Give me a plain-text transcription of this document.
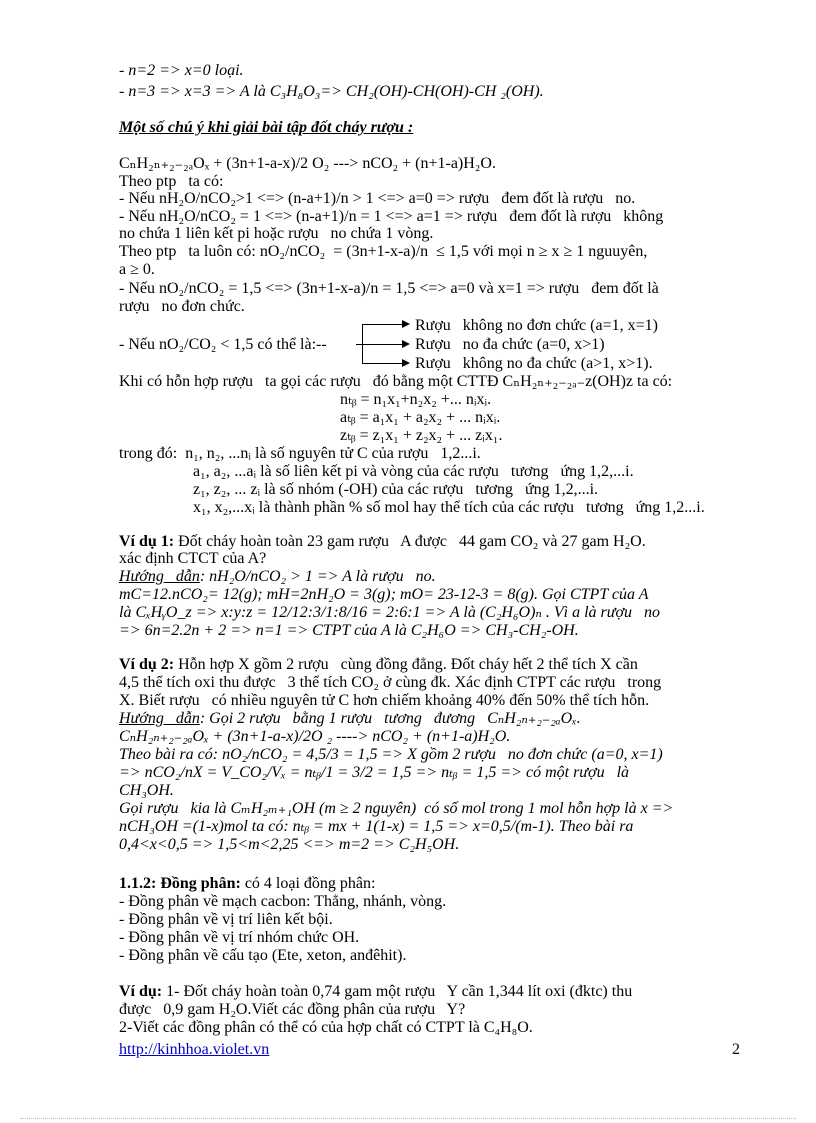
- n=2 => x=0 loại.
- n=3 => x=3 => A là C₃H₈O₃=> CH₂(OH)-CH(OH)-CH ₂(OH).
Một số chú ý khi giải bài tập đốt cháy rượu :
CₙH₂ₙ₊₂₋₂ₐOₓ + (3n+1-a-x)/2 O₂ ---> nCO₂ + (n+1-a)H₂O.
Theo ptp   ta có:
- Nếu nH₂O/nCO₂>1 <=> (n-a+1)/n > 1 <=> a=0 => rượu   đem đốt là rượu   no.
- Nếu nH₂O/nCO₂ = 1 <=> (n-a+1)/n = 1 <=> a=1 => rượu   đem đốt là rượu   không
no chứa 1 liên kết pi hoặc rượu   no chứa 1 vòng.
Theo ptp   ta luôn có: nO₂/nCO₂  = (3n+1-x-a)/n  ≤ 1,5 với mọi n ≥ x ≥ 1 nguuyên,
a ≥ 0.
- Nếu nO₂/nCO₂ = 1,5 <=> (3n+1-x-a)/n = 1,5 <=> a=0 và x=1 => rượu   đem đốt là
rượu   no đơn chức.
Rượu   không no đơn chức (a=1, x=1)
- Nếu nO₂/CO₂ < 1,5 có thể là:--	Rượu   no đa chức (a=0, x>1)
Rượu   không no đa chức (a>1, x>1).
Khi có hỗn hợp rượu   ta gọi các rượu   đó bằng một CTTĐ CₙH₂ₙ₊₂₋₂ₐ₋z(OH)z ta có:
nₜᵦ = n₁x₁+n₂x₂ +... nᵢxᵢ.
aₜᵦ = a₁x₁ + a₂x₂ + ... nᵢxᵢ.
zₜᵦ = z₁x₁ + z₂x₂ + ... zᵢx₁.
trong đó:  n₁, n₂, ...nᵢ là số nguyên tử C của rượu   1,2...i.
a₁, a₂, ...aᵢ là số liên kết pi và vòng của các rượu   tương   ứng 1,2,...i.
z₁, z₂, ... zᵢ là số nhóm (-OH) của các rượu   tương   ứng 1,2,...i.
x₁, x₂,...xᵢ là thành phần % số mol hay thể tích của các rượu   tương   ứng 1,2...i.
Ví dụ 1: Đốt cháy hoàn toàn 23 gam rượu   A được   44 gam CO₂ và 27 gam H₂O.
xác định CTCT của A?
Hướng   dẫn: nH₂O/nCO₂ > 1 => A là rượu   no.
mC=12.nCO₂= 12(g); mH=2nH₂O = 3(g); mO= 23-12-3 = 8(g). Gọi CTPT của A
là CₓHᵧO_z => x:y:z = 12/12:3/1:8/16 = 2:6:1 => A là (C₂H₆O)ₙ . Vì a là rượu   no
=> 6n=2.2n + 2 => n=1 => CTPT của A là C₂H₆O => CH₃-CH₂-OH.
Ví dụ 2: Hỗn hợp X gồm 2 rượu   cùng đồng đẳng. Đốt cháy hết 2 thể tích X cần
4,5 thể tích oxi thu được   3 thể tích CO₂ ở cùng đk. Xác định CTPT các rượu   trong
X. Biết rượu   có nhiều nguyên tử C hơn chiếm khoảng 40% đến 50% thể tích hỗn.
Hướng   dẫn: Gọi 2 rượu   bằng 1 rượu   tương   đương   CₙH₂ₙ₊₂₋₂ₐOₓ.
CₙH₂ₙ₊₂₋₂ₐOₓ + (3n+1-a-x)/2O ₂ ----> nCO₂ + (n+1-a)H₂O.
Theo bài ra có: nO₂/nCO₂ = 4,5/3 = 1,5 => X gồm 2 rượu   no đơn chức (a=0, x=1)
=> nCO₂/nX = V_CO₂/Vₓ = nₜᵦ/1 = 3/2 = 1,5 => nₜᵦ = 1,5 => có một rượu   là
CH₃OH.
Gọi rượu   kia là CₘH₂ₘ₊₁OH (m ≥ 2 nguyên)  có số mol trong 1 mol hỗn hợp là x =>
nCH₃OH =(1-x)mol ta có: nₜᵦ = mx + 1(1-x) = 1,5 => x=0,5/(m-1). Theo bài ra
0,4<x<0,5 => 1,5<m<2,25 <=> m=2 => C₂H₅OH.
1.1.2: Đồng phân: có 4 loại đồng phân:
- Đồng phân về mạch cacbon: Thẳng, nhánh, vòng.
- Đồng phân về vị trí liên kết bội.
- Đồng phân về vị trí nhóm chức OH.
- Đồng phân về cấu tạo (Ete, xeton, anđêhit).
Ví dụ: 1- Đốt cháy hoàn toàn 0,74 gam một rượu   Y cần 1,344 lít oxi (đktc) thu
được   0,9 gam H₂O.Viết các đồng phân của rượu   Y?
2-Viết các đồng phân có thể có của hợp chất có CTPT là C₄H₈O.
http://kinhhoa.violet.vn	2
